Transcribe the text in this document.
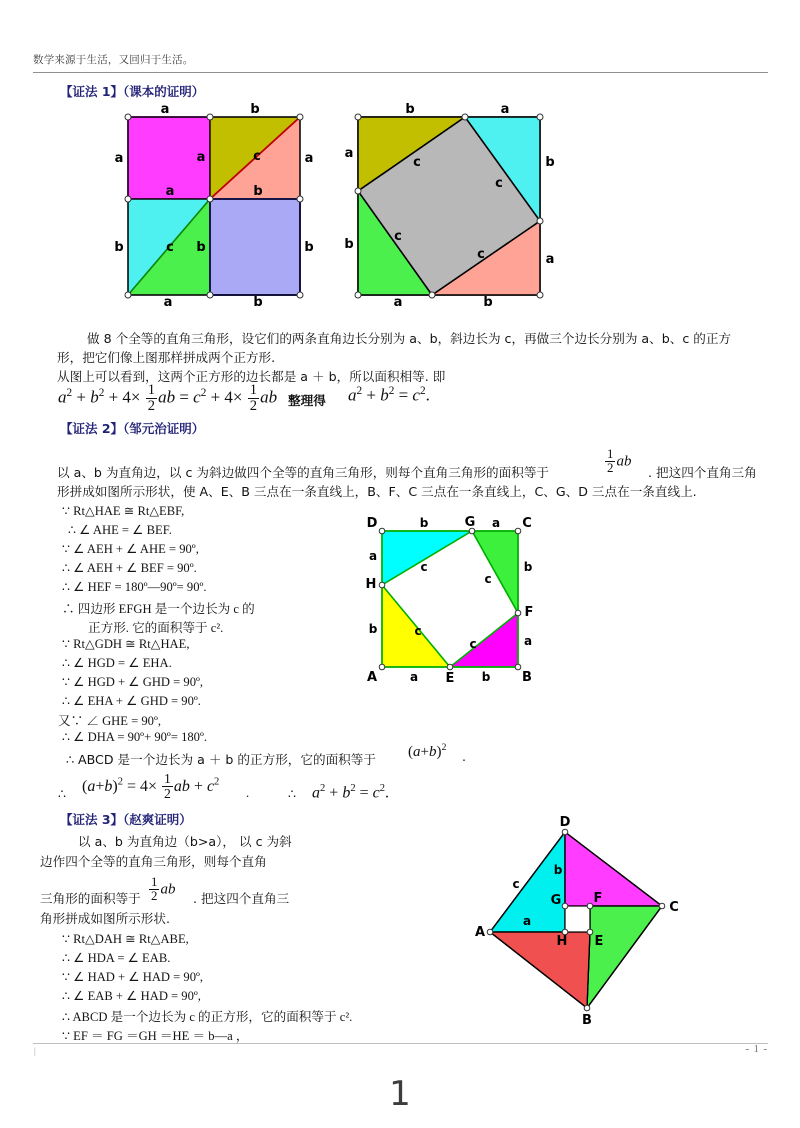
数学来源于生活，又回归于生活。
【证法 1】（课本的证明）
a	b
a
b
a
b
a	b
c
c
a
b
a	b
b	a
a
b
b
a
a	b
c
c
c
c
做 8 个全等的直角三角形，设它们的两条直角边长分别为 a、b，斜边长为 c，再做三个边长分别为 a、b、c 的正方
形，把它们像上图那样拼成两个正方形.
从图上可以看到，这两个正方形的边长都是 a ＋ b，所以面积相等. 即
$a^2 + b^2 + 4\times \frac{1}{2}$ ab = $c^2 + 4\times \frac{1}{2}$ ab 整理得 $a^2 + b^2 = c^2$.
【证法 2】（邹元治证明）
以 a、b 为直角边，以 c 为斜边做四个全等的直角三角形，则每个直角三角形的面积等于	$\frac{1}{2}$ ab
. 把这四个直角三角
形拼成如图所示形状，使 A、E、B 三点在一条直线上，B、F、C 三点在一条直线上，C、G、D 三点在一条直线上.
∵ Rt△HAE ≅ Rt△EBF,
∴ ∠ AHE = ∠ BEF.
∵ ∠ AEH + ∠ AHE = 90º,
∴ ∠ AEH + ∠ BEF = 90º.
∴ ∠ HEF = 180º—90º= 90º.
∴ 四边形 EFGH 是一个边长为 c 的
正方形. 它的面积等于 c².
∵ Rt△GDH ≅ Rt△HAE,
∴ ∠ HGD = ∠ EHA.
∵ ∠ HGD + ∠ GHD = 90º,
∴ ∠ EHA + ∠ GHD = 90º.
又∵ ∠ GHE = 90º,
∴ ∠ DHA = 90º+ 90º= 180º.
D	G	C
H
F
A	E	B
b	a
a
b
b
a
a	b
c
c
c
c
∴ ABCD 是一个边长为 a ＋ b 的正方形，它的面积等于 $(a+b)^2$
.
$(a+b)^2 = 4\times \frac{1}{2}$ ab + $c^2$
∴	.	∴ $a^2 + b^2 = c^2$.
【证法 3】（赵爽证明）
以 a、b 为直角边（b>a）， 以 c 为斜
边作四个全等的直角三角形，则每个直角
三角形的面积等于 $\frac{1}{2}$ ab
. 把这四个直角三
角形拼成如图所示形状.
∵ Rt△DAH ≅ Rt△ABE,
∴ ∠ HDA = ∠ EAB.
∵ ∠ HAD + ∠ HAD = 90º,
∴ ∠ EAB + ∠ HAD = 90º,
∴ ABCD 是一个边长为 c 的正方形，它的面积等于 c².
∵ EF ＝ FG ＝GH ＝HE ＝ b—a ，
D
C
B
A
G F
E
H
c
a
b
|	- 1 -
1
